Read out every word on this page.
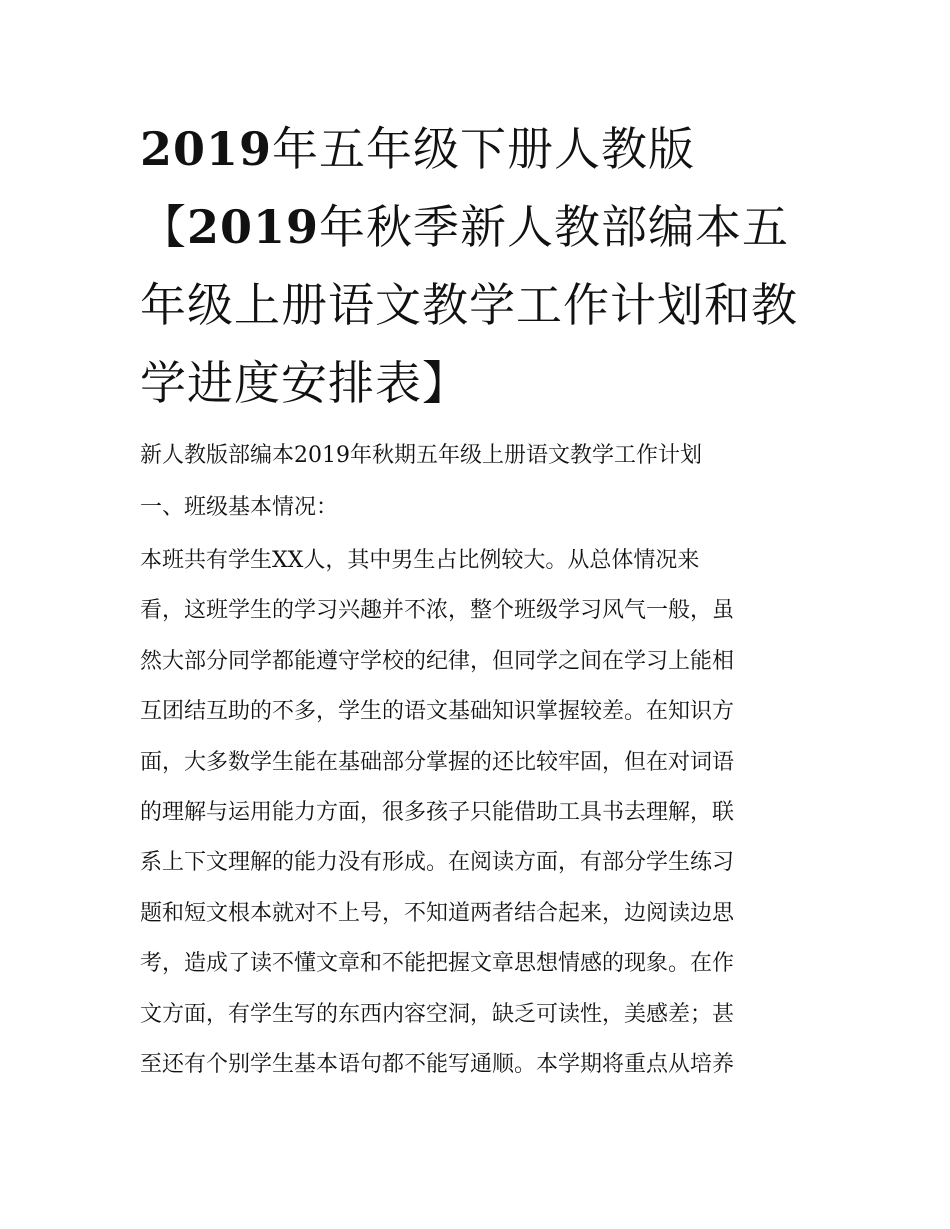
2019年五年级下册人教版
【2019年秋季新人教部编本五年级上册语文教学工作计划和教学进度安排表】

新人教版部编本2019年秋期五年级上册语文教学工作计划

一、班级基本情况：

本班共有学生XX人，其中男生占比例较大。从总体情况来
看，这班学生的学习兴趣并不浓，整个班级学习风气一般，虽
然大部分同学都能遵守学校的纪律，但同学之间在学习上能相
互团结互助的不多，学生的语文基础知识掌握较差。在知识方
面，大多数学生能在基础部分掌握的还比较牢固，但在对词语
的理解与运用能力方面，很多孩子只能借助工具书去理解，联
系上下文理解的能力没有形成。在阅读方面，有部分学生练习
题和短文根本就对不上号，不知道两者结合起来，边阅读边思
考，造成了读不懂文章和不能把握文章思想情感的现象。在作
文方面，有学生写的东西内容空洞，缺乏可读性，美感差；甚
至还有个别学生基本语句都不能写通顺。本学期将重点从培养
